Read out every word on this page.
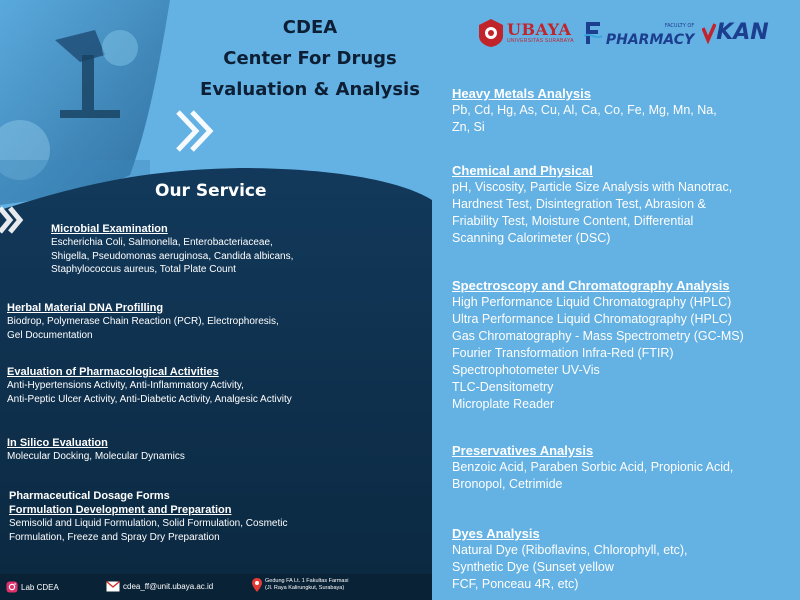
CDEA
Center For Drugs
Evaluation & Analysis
UBAYA
UNIVERSITAS SURABAYA
FACULTY OF
PHARMACY KAN
Our Service
Microbial Examination
Escherichia Coli, Salmonella, Enterobacteriaceae,
Shigella, Pseudomonas aeruginosa, Candida albicans,
Staphylococcus aureus, Total Plate Count
Herbal Material DNA Profilling
Biodrop, Polymerase Chain Reaction (PCR), Electrophoresis,
Gel Documentation
Evaluation of Pharmacological Activities
Anti-Hypertensions Activity, Anti-Inflammatory Activity,
Anti-Peptic Ulcer Activity, Anti-Diabetic Activity, Analgesic Activity
In Silico Evaluation
Molecular Docking, Molecular Dynamics
Pharmaceutical Dosage Forms
Formulation Development and Preparation
Semisolid and Liquid Formulation, Solid Formulation, Cosmetic
Formulation, Freeze and Spray Dry Preparation
Heavy Metals Analysis
Pb, Cd, Hg, As, Cu, Al, Ca, Co, Fe, Mg, Mn, Na,
Zn, Si
Chemical and Physical
pH, Viscosity, Particle Size Analysis with Nanotrac,
Hardnest Test, Disintegration Test, Abrasion &
Friability Test, Moisture Content, Differential
Scanning Calorimeter (DSC)
Spectroscopy and Chromatography Analysis
High Performance Liquid Chromatography (HPLC)
Ultra Performance Liquid Chromatography (HPLC)
Gas Chromatography - Mass Spectrometry (GC-MS)
Fourier Transformation Infra-Red (FTIR)
Spectrophotometer UV-Vis
TLC-Densitometry
Microplate Reader
Preservatives Analysis
Benzoic Acid, Paraben Sorbic Acid, Propionic Acid,
Bronopol, Cetrimide
Dyes Analysis
Natural Dye (Riboflavins, Chlorophyll, etc),
Synthetic Dye (Sunset yellow
FCF, Ponceau 4R, etc)
Lab CDEA	cdea_ff@unit.ubaya.ac.id
Gedung FA Lt. 1 Fakultas Farmasi
(Jl. Raya Kalirungkut, Surabaya)
